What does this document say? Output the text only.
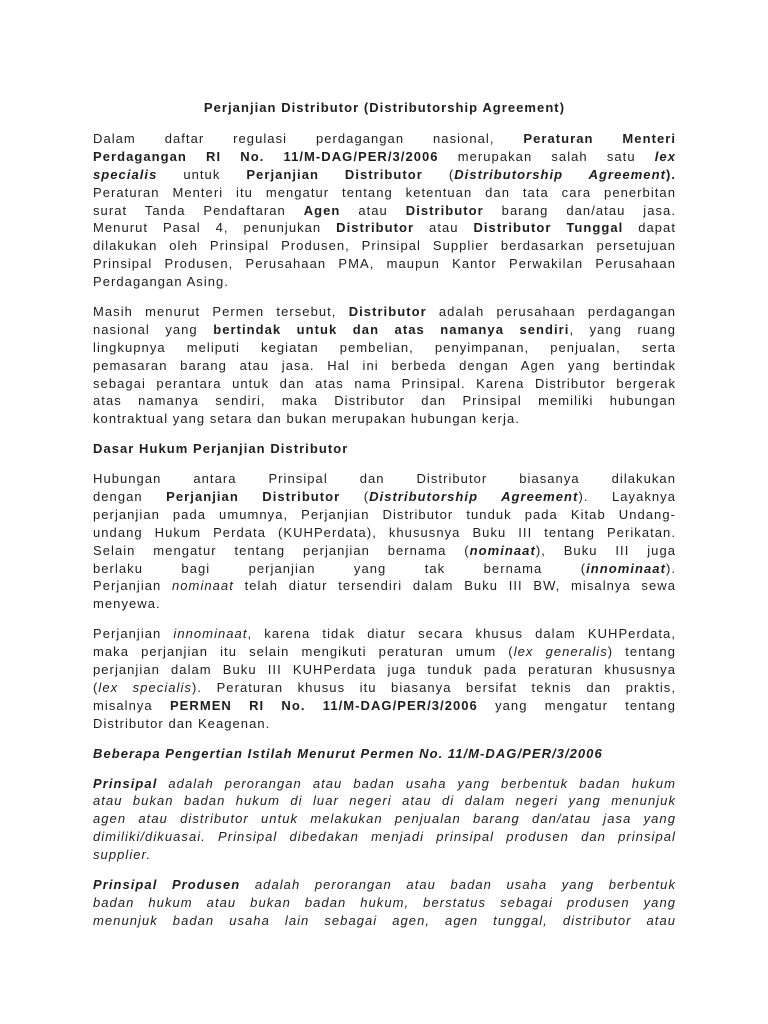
Perjanjian Distributor (Distributorship Agreement)
Dalam daftar regulasi perdagangan nasional, Peraturan Menteri
Perdagangan RI No. 11/M-DAG/PER/3/2006 merupakan salah satu lex
specialis untuk Perjanjian Distributor (Distributorship Agreement).
Peraturan Menteri itu mengatur tentang ketentuan dan tata cara penerbitan
surat Tanda Pendaftaran Agen atau Distributor barang dan/atau jasa.
Menurut Pasal 4, penunjukan Distributor atau Distributor Tunggal dapat
dilakukan oleh Prinsipal Produsen, Prinsipal Supplier berdasarkan persetujuan
Prinsipal Produsen, Perusahaan PMA, maupun Kantor Perwakilan Perusahaan
Perdagangan Asing.
Masih menurut Permen tersebut, Distributor adalah perusahaan perdagangan
nasional yang bertindak untuk dan atas namanya sendiri, yang ruang
lingkupnya meliputi kegiatan pembelian, penyimpanan, penjualan, serta
pemasaran barang atau jasa. Hal ini berbeda dengan Agen yang bertindak
sebagai perantara untuk dan atas nama Prinsipal. Karena Distributor bergerak
atas namanya sendiri, maka Distributor dan Prinsipal memiliki hubungan
kontraktual yang setara dan bukan merupakan hubungan kerja.
Dasar Hukum Perjanjian Distributor
Hubungan antara Prinsipal dan Distributor biasanya dilakukan
dengan Perjanjian Distributor (Distributorship Agreement). Layaknya
perjanjian pada umumnya, Perjanjian Distributor tunduk pada Kitab Undang-
undang Hukum Perdata (KUHPerdata), khususnya Buku III tentang Perikatan.
Selain mengatur tentang perjanjian bernama (nominaat), Buku III juga
berlaku bagi perjanjian yang tak bernama (innominaat).
Perjanjian nominaat telah diatur tersendiri dalam Buku III BW, misalnya sewa
menyewa.
Perjanjian innominaat, karena tidak diatur secara khusus dalam KUHPerdata,
maka perjanjian itu selain mengikuti peraturan umum (lex generalis) tentang
perjanjian dalam Buku III KUHPerdata juga tunduk pada peraturan khususnya
(lex specialis). Peraturan khusus itu biasanya bersifat teknis dan praktis,
misalnya PERMEN RI No. 11/M-DAG/PER/3/2006 yang mengatur tentang
Distributor dan Keagenan.
Beberapa Pengertian Istilah Menurut Permen No. 11/M-DAG/PER/3/2006
Prinsipal adalah perorangan atau badan usaha yang berbentuk badan hukum
atau bukan badan hukum di luar negeri atau di dalam negeri yang menunjuk
agen atau distributor untuk melakukan penjualan barang dan/atau jasa yang
dimiliki/dikuasai. Prinsipal dibedakan menjadi prinsipal produsen dan prinsipal
supplier.
Prinsipal Produsen adalah perorangan atau badan usaha yang berbentuk
badan hukum atau bukan badan hukum, berstatus sebagai produsen yang
menunjuk badan usaha lain sebagai agen, agen tunggal, distributor atau
